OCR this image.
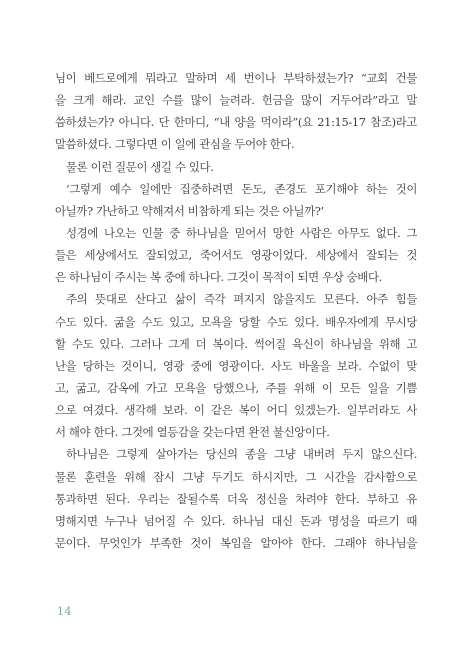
님이 베드로에게 뭐라고 말하며 세 번이나 부탁하셨는가? “교회 건물
을 크게 해라. 교인 수를 많이 늘려라. 헌금을 많이 거두어라”라고 말
씀하셨는가? 아니다. 단 한마디, “내 양을 먹이라”(요 21:15-17 참조)라고
말씀하셨다. 그렇다면 이 일에 관심을 두어야 한다.
물론 이런 질문이 생길 수 있다.
‘그렇게 예수 일에만 집중하려면 돈도, 존경도 포기해야 하는 것이
아닐까? 가난하고 약해져서 비참하게 되는 것은 아닐까?’
성경에 나오는 인물 중 하나님을 믿어서 망한 사람은 아무도 없다. 그
들은 세상에서도 잘되었고, 죽어서도 영광이었다. 세상에서 잘되는 것
은 하나님이 주시는 복 중에 하나다. 그것이 목적이 되면 우상 숭배다.
주의 뜻대로 산다고 삶이 즉각 펴지지 않을지도 모른다. 아주 힘들
수도 있다. 굶을 수도 있고, 모욕을 당할 수도 있다. 배우자에게 무시당
할 수도 있다. 그러나 그게 더 복이다. 썩어질 육신이 하나님을 위해 고
난을 당하는 것이니, 영광 중에 영광이다. 사도 바울을 보라. 수없이 맞
고, 굶고, 감옥에 가고 모욕을 당했으나, 주를 위해 이 모든 일을 기쁨
으로 여겼다. 생각해 보라. 이 같은 복이 어디 있겠는가. 일부러라도 사
서 해야 한다. 그것에 열등감을 갖는다면 완전 불신앙이다.
하나님은 그렇게 살아가는 당신의 종을 그냥 내버려 두지 않으신다.
물론 훈련을 위해 잠시 그냥 두기도 하시지만, 그 시간을 감사함으로
통과하면 된다. 우리는 잘될수록 더욱 정신을 차려야 한다. 부하고 유
명해지면 누구나 넘어질 수 있다. 하나님 대신 돈과 명성을 따르기 때
문이다. 무엇인가 부족한 것이 복임을 알아야 한다. 그래야 하나님을
14
